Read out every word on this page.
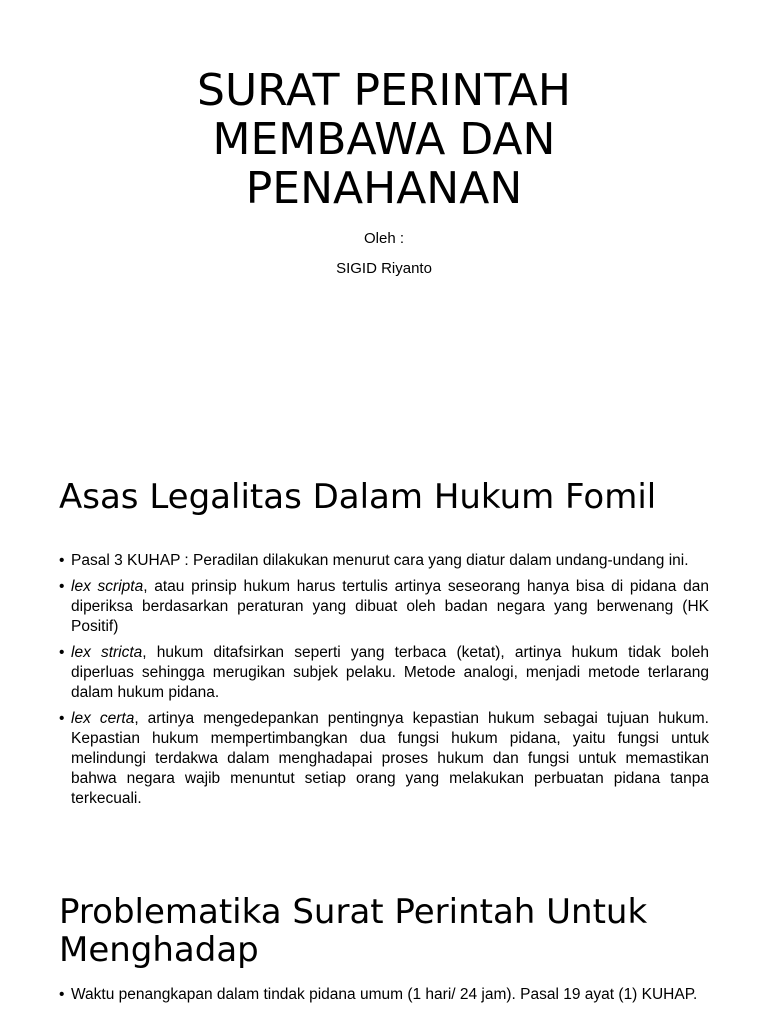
SURAT PERINTAH
MEMBAWA DAN
PENAHANAN

Oleh :

SIGID Riyanto

Asas Legalitas Dalam Hukum Fomil
• Pasal 3 KUHAP : Peradilan dilakukan menurut cara yang diatur dalam undang-undang ini.
• lex scripta, atau prinsip hukum harus tertulis artinya seseorang hanya bisa di pidana dan diperiksa berdasarkan peraturan yang dibuat oleh badan negara yang berwenang (HK Positif)
• lex stricta, hukum ditafsirkan seperti yang terbaca (ketat), artinya hukum tidak boleh diperluas sehingga merugikan subjek pelaku. Metode analogi, menjadi metode terlarang dalam hukum pidana.
• lex certa, artinya mengedepankan pentingnya kepastian hukum sebagai tujuan hukum. Kepastian hukum mempertimbangkan dua fungsi hukum pidana, yaitu fungsi untuk melindungi terdakwa dalam menghadapai proses hukum dan fungsi untuk memastikan bahwa negara wajib menuntut setiap orang yang melakukan perbuatan pidana tanpa terkecuali.
Problematika Surat Perintah Untuk
Menghadap
• Waktu penangkapan dalam tindak pidana umum (1 hari/ 24 jam). Pasal 19 ayat (1) KUHAP.
